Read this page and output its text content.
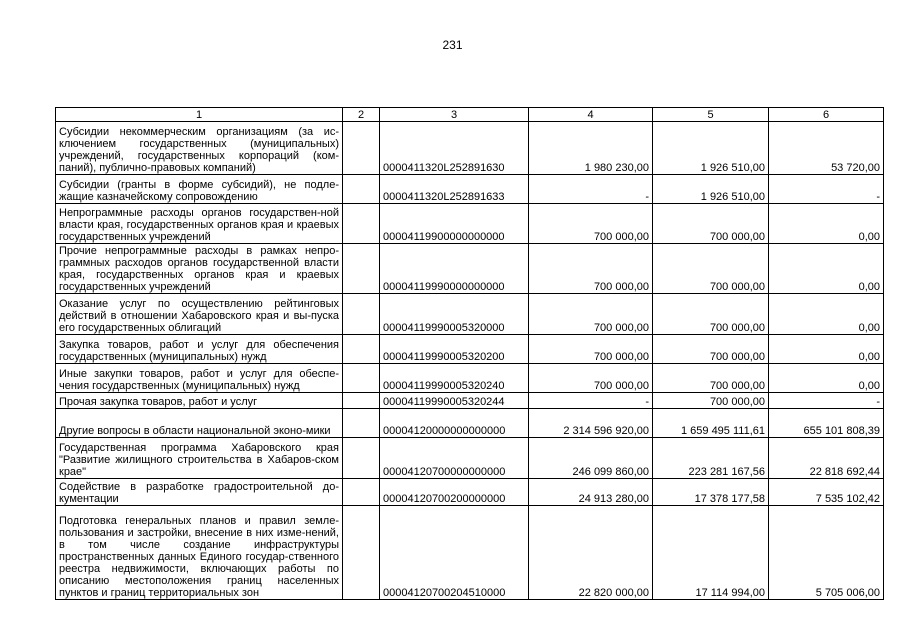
231
1	2	3	4	5	6
Субсидии некоммерческим организациям (за ис-ключением государственных (муниципальных) учреждений, государственных корпораций (ком-паний), публично-правовых компаний)		0000411320L252891630	1 980 230,00	1 926 510,00	53 720,00
Субсидии (гранты в форме субсидий), не подле-жащие казначейскому сопровождению		0000411320L252891633	-	1 926 510,00	-
Непрограммные расходы органов государствен-ной власти края, государственных органов края и краевых государственных учреждений		00004119900000000000	700 000,00	700 000,00	0,00
Прочие непрограммные расходы в рамках непро-граммных расходов органов государственной власти края, государственных органов края и краевых государственных учреждений		00004119990000000000	700 000,00	700 000,00	0,00
Оказание услуг по осуществлению рейтинговых действий в отношении Хабаровского края и вы-пуска его государственных облигаций		00004119990005320000	700 000,00	700 000,00	0,00
Закупка товаров, работ и услуг для обеспечения государственных (муниципальных) нужд		00004119990005320200	700 000,00	700 000,00	0,00
Иные закупки товаров, работ и услуг для обеспе-чения государственных (муниципальных) нужд		00004119990005320240	700 000,00	700 000,00	0,00
Прочая закупка товаров, работ и услуг		00004119990005320244	-	700 000,00	-
Другие вопросы в области национальной эконо-мики		00004120000000000000	2 314 596 920,00	1 659 495 111,61	655 101 808,39
Государственная программа Хабаровского края "Развитие жилищного строительства в Хабаров-ском крае"		00004120700000000000	246 099 860,00	223 281 167,56	22 818 692,44
Содействие в разработке градостроительной до-кументации		00004120700200000000	24 913 280,00	17 378 177,58	7 535 102,42
Подготовка генеральных планов и правил земле-пользования и застройки, внесение в них изме-нений, в том числе создание инфраструктуры пространственных данных Единого государ-ственного реестра недвижимости, включающих работы по описанию местоположения границ населенных пунктов и границ территориальных зон		00004120700204510000	22 820 000,00	17 114 994,00	5 705 006,00
